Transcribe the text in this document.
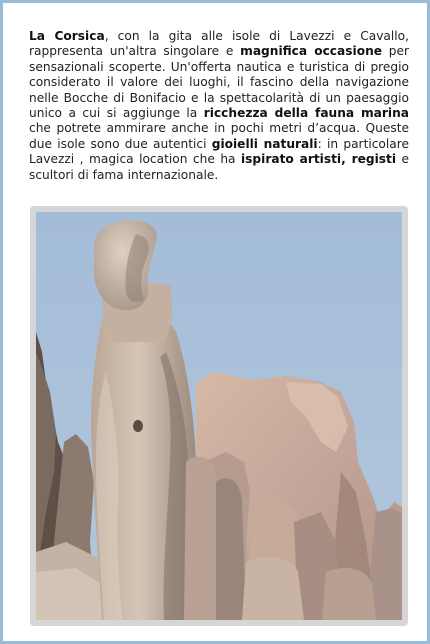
La Corsica, con la gita alle isole di Lavezzi e Cavallo, rappresenta un'altra singolare e magnifica occasione per sensazionali scoperte. Un'offerta nautica e turistica di pregio considerato il valore dei luoghi, il fascino della navigazione nelle Bocche di Bonifacio e la spettacolarità di un paesaggio unico a cui si aggiunge la ricchezza della fauna marina che potrete ammirare anche in pochi metri d’acqua. Queste due isole sono due autentici gioielli naturali: in particolare Lavezzi , magica location che ha ispirato artisti, registi e scultori di fama internazionale.
